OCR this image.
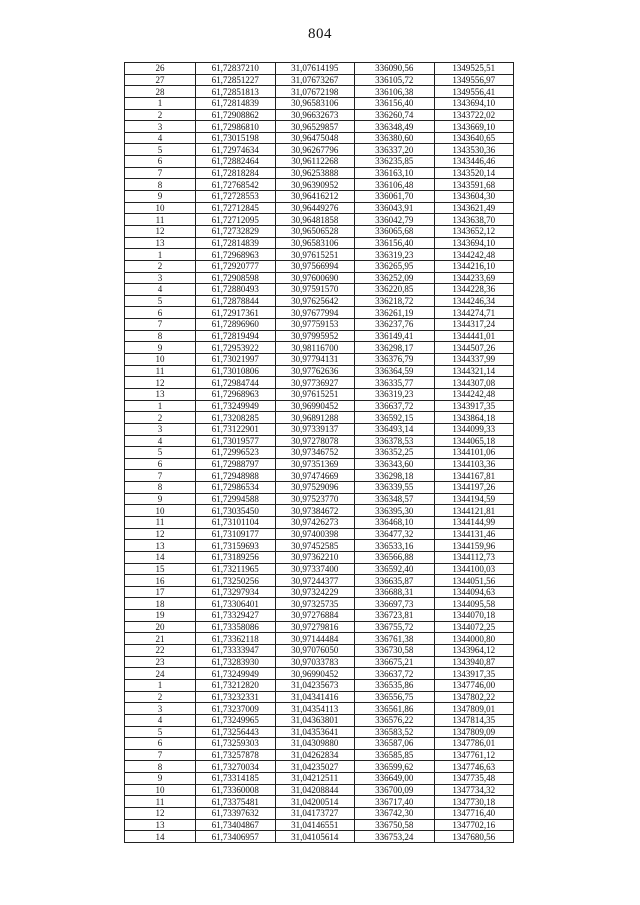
804
26	61,72837210	31,07614195	336090,56	1349525,51
27	61,72851227	31,07673267	336105,72	1349556,97
28	61,72851813	31,07672198	336106,38	1349556,41
1	61,72814839	30,96583106	336156,40	1343694,10
2	61,72908862	30,96632673	336260,74	1343722,02
3	61,72986810	30,96529857	336348,49	1343669,10
4	61,73015198	30,96475048	336380,60	1343640,65
5	61,72974634	30,96267796	336337,20	1343530,36
6	61,72882464	30,96112268	336235,85	1343446,46
7	61,72818284	30,96253888	336163,10	1343520,14
8	61,72768542	30,96390952	336106,48	1343591,68
9	61,72728553	30,96416212	336061,70	1343604,30
10	61,72712845	30,96449276	336043,91	1343621,49
11	61,72712095	30,96481858	336042,79	1343638,70
12	61,72732829	30,96506528	336065,68	1343652,12
13	61,72814839	30,96583106	336156,40	1343694,10
1	61,72968963	30,97615251	336319,23	1344242,48
2	61,72920777	30,97566994	336265,95	1344216,10
3	61,72908598	30,97600690	336252,09	1344233,69
4	61,72880493	30,97591570	336220,85	1344228,36
5	61,72878844	30,97625642	336218,72	1344246,34
6	61,72917361	30,97677994	336261,19	1344274,71
7	61,72896960	30,97759153	336237,76	1344317,24
8	61,72819494	30,97995952	336149,41	1344441,01
9	61,72953922	30,98116700	336298,17	1344507,26
10	61,73021997	30,97794131	336376,79	1344337,99
11	61,73010806	30,97762636	336364,59	1344321,14
12	61,72984744	30,97736927	336335,77	1344307,08
13	61,72968963	30,97615251	336319,23	1344242,48
1	61,73249949	30,96990452	336637,72	1343917,35
2	61,73208285	30,96891288	336592,15	1343864,18
3	61,73122901	30,97339137	336493,14	1344099,33
4	61,73019577	30,97278078	336378,53	1344065,18
5	61,72996523	30,97346752	336352,25	1344101,06
6	61,72988797	30,97351369	336343,60	1344103,36
7	61,72948988	30,97474669	336298,18	1344167,81
8	61,72986534	30,97529096	336339,55	1344197,26
9	61,72994588	30,97523770	336348,57	1344194,59
10	61,73035450	30,97384672	336395,30	1344121,81
11	61,73101104	30,97426273	336468,10	1344144,99
12	61,73109177	30,97400398	336477,32	1344131,46
13	61,73159693	30,97452585	336533,16	1344159,96
14	61,73189256	30,97362210	336566,88	1344112,73
15	61,73211965	30,97337400	336592,40	1344100,03
16	61,73250256	30,97244377	336635,87	1344051,56
17	61,73297934	30,97324229	336688,31	1344094,63
18	61,73306401	30,97325735	336697,73	1344095,58
19	61,73329427	30,97276884	336723,81	1344070,18
20	61,73358086	30,97279816	336755,72	1344072,25
21	61,73362118	30,97144484	336761,38	1344000,80
22	61,73333947	30,97076050	336730,58	1343964,12
23	61,73283930	30,97033783	336675,21	1343940,87
24	61,73249949	30,96990452	336637,72	1343917,35
1	61,73212820	31,04235673	336535,86	1347746,00
2	61,73232331	31,04341416	336556,75	1347802,22
3	61,73237009	31,04354113	336561,86	1347809,01
4	61,73249965	31,04363801	336576,22	1347814,35
5	61,73256443	31,04353641	336583,52	1347809,09
6	61,73259303	31,04309880	336587,06	1347786,01
7	61,73257878	31,04262834	336585,85	1347761,12
8	61,73270034	31,04235027	336599,62	1347746,63
9	61,73314185	31,04212511	336649,00	1347735,48
10	61,73360008	31,04208844	336700,09	1347734,32
11	61,73375481	31,04200514	336717,40	1347730,18
12	61,73397632	31,04173727	336742,30	1347716,40
13	61,73404867	31,04146551	336750,58	1347702,16
14	61,73406957	31,04105614	336753,24	1347680,56
